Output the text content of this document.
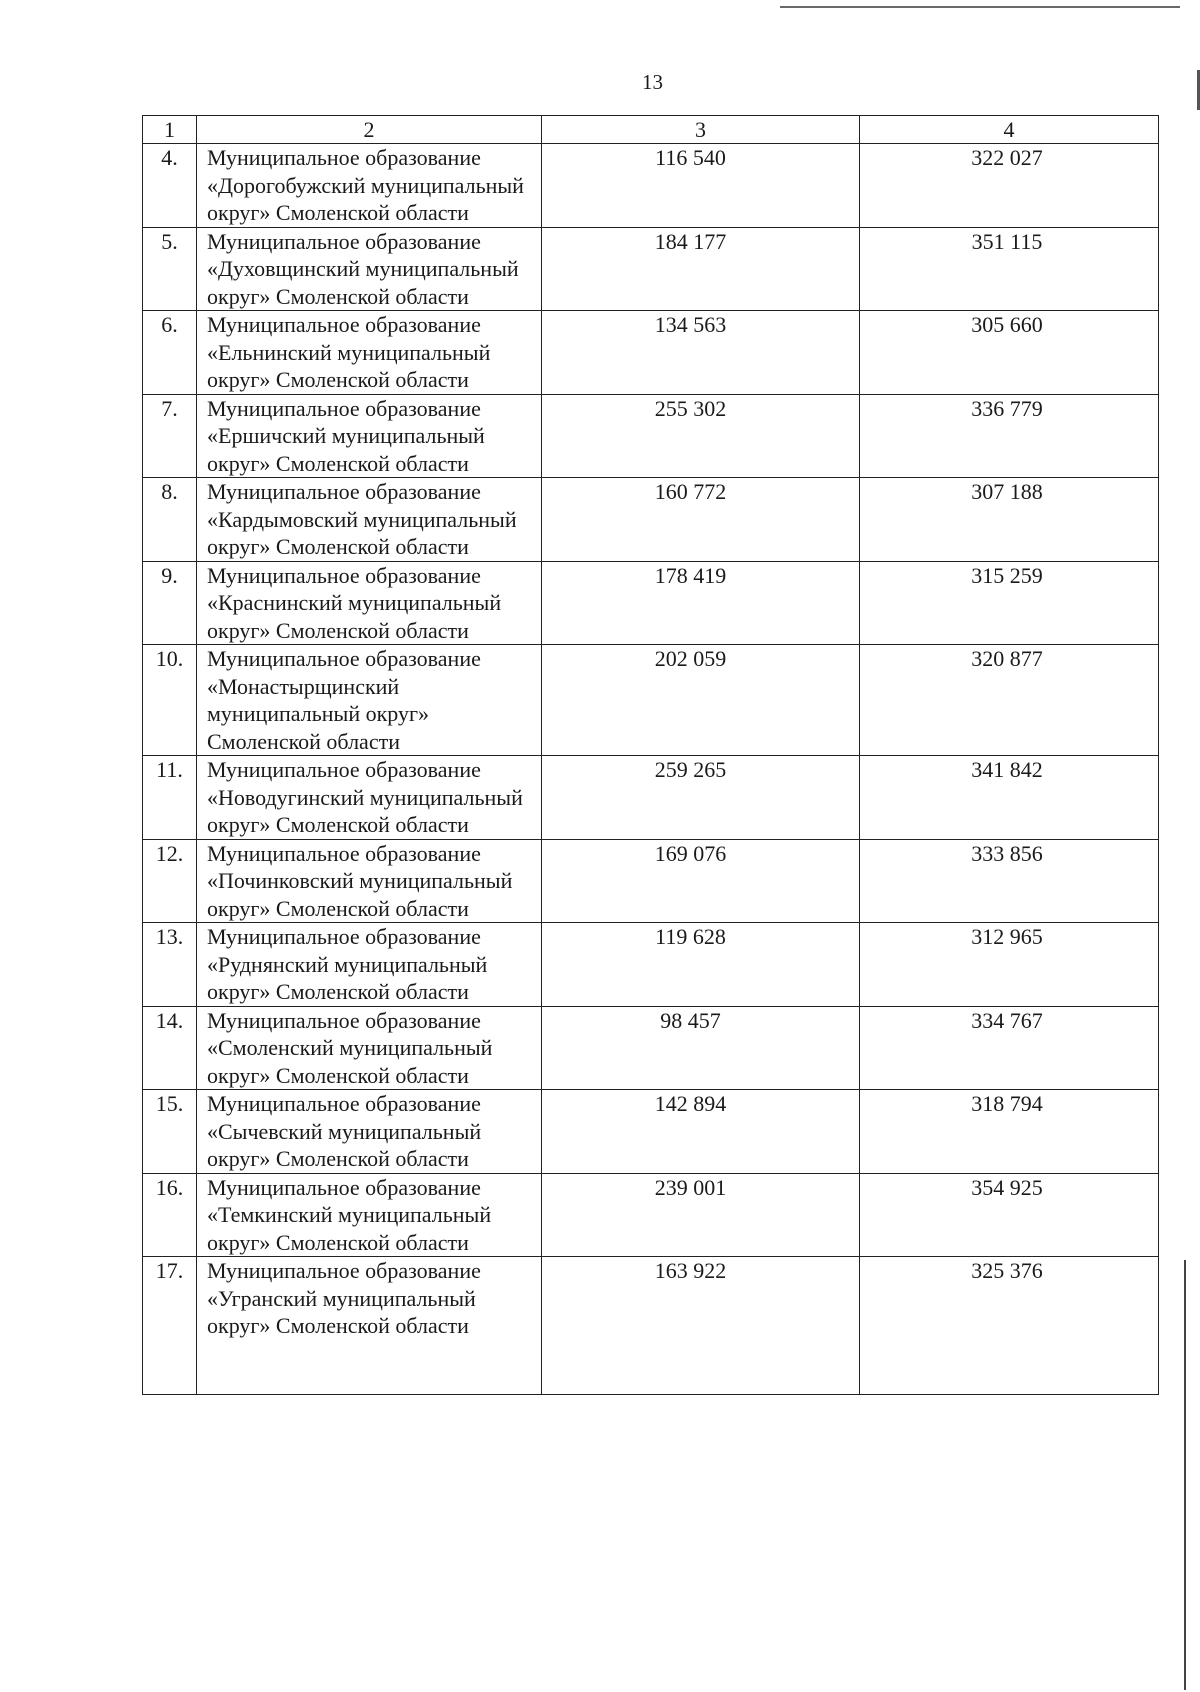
13
1	2	3	4
4.	Муниципальное образование «Дорогобужский муниципальный округ» Смоленской области	116 540	322 027
5.	Муниципальное образование «Духовщинский муниципальный округ» Смоленской области	184 177	351 115
6.	Муниципальное образование «Ельнинский муниципальный округ» Смоленской области	134 563	305 660
7.	Муниципальное образование «Ершичский муниципальный округ» Смоленской области	255 302	336 779
8.	Муниципальное образование «Кардымовский муниципальный округ» Смоленской области	160 772	307 188
9.	Муниципальное образование «Краснинский муниципальный округ» Смоленской области	178 419	315 259
10.	Муниципальное образование «Монастырщинский муниципальный округ» Смоленской области	202 059	320 877
11.	Муниципальное образование «Новодугинский муниципальный округ» Смоленской области	259 265	341 842
12.	Муниципальное образование «Починковский муниципальный округ» Смоленской области	169 076	333 856
13.	Муниципальное образование «Руднянский муниципальный округ» Смоленской области	119 628	312 965
14.	Муниципальное образование «Смоленский муниципальный округ» Смоленской области	98 457	334 767
15.	Муниципальное образование «Сычевский муниципальный округ» Смоленской области	142 894	318 794
16.	Муниципальное образование «Темкинский муниципальный округ» Смоленской области	239 001	354 925
17.	Муниципальное образование «Угранский муниципальный округ» Смоленской области	163 922	325 376
